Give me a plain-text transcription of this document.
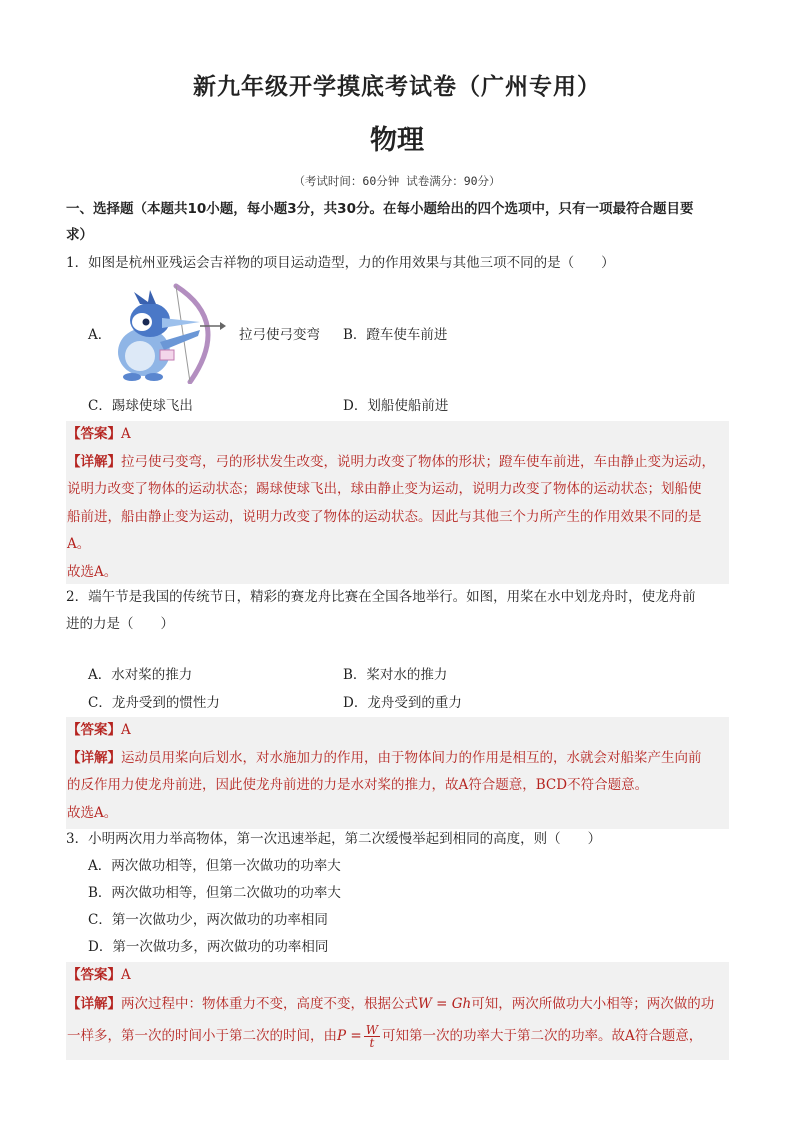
新九年级开学摸底考试卷（广州专用）
物理
（考试时间：60分钟 试卷满分：90分）
一、选择题（本题共10小题，每小题3分，共30分。在每小题给出的四个选项中，只有一项最符合题目要
求）
1．如图是杭州亚残运会吉祥物的项目运动造型，力的作用效果与其他三项不同的是（　　）
A．	拉弓使弓变弯 B．蹬车使车前进
C．踢球使球飞出	D．划船使船前进
【答案】A
【详解】拉弓使弓变弯，弓的形状发生改变，说明力改变了物体的形状；蹬车使车前进，车由静止变为运动，
说明力改变了物体的运动状态；踢球使球飞出，球由静止变为运动，说明力改变了物体的运动状态；划船使
船前进，船由静止变为运动，说明力改变了物体的运动状态。因此与其他三个力所产生的作用效果不同的是
A。
故选A。
2．端午节是我国的传统节日，精彩的赛龙舟比赛在全国各地举行。如图，用桨在水中划龙舟时，使龙舟前
进的力是（　　）
A．水对桨的推力	B．桨对水的推力
C．龙舟受到的惯性力	D．龙舟受到的重力
【答案】A
【详解】运动员用桨向后划水，对水施加力的作用，由于物体间力的作用是相互的，水就会对船桨产生向前
的反作用力使龙舟前进，因此使龙舟前进的力是水对桨的推力，故A符合题意，BCD不符合题意。
故选A。
3．小明两次用力举高物体，第一次迅速举起，第二次缓慢举起到相同的高度，则（　　）
A．两次做功相等，但第一次做功的功率大
B．两次做功相等，但第二次做功的功率大
C．第一次做功少，两次做功的功率相同
D．第一次做功多，两次做功的功率相同
【答案】A
【详解】两次过程中：物体重力不变，高度不变，根据公式W = Gh可知，两次所做功大小相等；两次做的功
一样多，第一次的时间小于第二次的时间，由$P = \frac{W}{t}$ 可知第一次的功率大于第二次的功率。故A符合题意，
